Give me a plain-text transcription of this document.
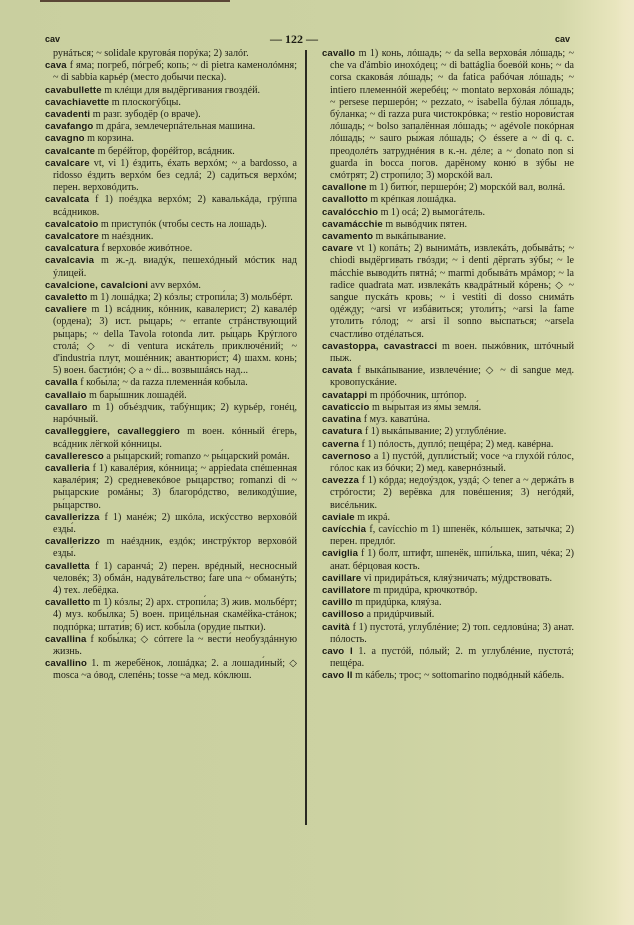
cav	— 122 —	cav

рунáться; ~ solidale круговáя порýка; 2) залóг.

cava f ямa; погреб, пóгреб; копь; ~ di pietra каменолóмня; ~ di sabbia карьéр (место добычи песка).

cavabullette m клéщи для выдёргивания гвоздéй.

cavachiavette m плоскогýбцы.

cavadenti m разг. зубодёр (о враче).

cavafango m дрáга, землечерпáтельная машина.

cavagno m корзинa.

cavalcante m берéйтор, форéйтор, всáдник.

cavalcare vt, vi 1) éздить, éхать верхóм; ~ a bardosso, a ridosso éздить верхóм без седлá; 2) сади́ться верхóм; перен. верховóдить.

cavalcata f 1) поéздка верхóм; 2) кавалькáда, грýппа всáдников.

cavalcatoio m приступóк (чтобы сесть на лошадь).

cavalcatore m наéздник.

cavalcatura f верховóе живóтное.

cavalcavia m ж.-д. виадýк, пешехóдный мóстик над ýлицей.

cavalcione, cavalcioni avv верхóм.

cavaletto m 1) лошáдка; 2) кóзлы; стропи́ла; 3) мольбéрт.

cavaliere m 1) всáдник, кóнник, кавалерист; 2) кавалéр (ордена); 3) ист. ры́царь; ~ errante стрáнствующий ры́царь; ~ della Tavola rotonda лит. ры́царь Крýглого столá; ◇ ~ di ventura искáтель приключéний; ~ d'industria плут, мошéнник; авантюри́ст; 4) шахм. конь; 5) воен. бастиóн; ◇ a ~ di... возвышáясь над...

cavalla f кобы́ла; ~ da razza племеннáя кобы́ла.

cavallaio m бары́шник лошадéй.

cavallaro m 1) объéздчик, табýнщик; 2) курьéр, гонéц, нарóчный.

cavalleggiere, cavalleggiero m воен. кóнный éгерь, всáдник лёгкой кóнницы.

cavalleresco a ры́царский; romanzo ~ ры́царский ромáн.

cavalleria f 1) кавалéрия, кóнница; ~ appiedata спéшенная кавалéрия; 2) средневекóвое ры́царство; romanzi di ~ ры́царские ромáны; 3) благорóдство, великодýшие, ры́царство.

cavallerizza f 1) манéж; 2) шкóла, искýсство верховóй езды́.

cavallerizzo m наéздник, ездóк; инстрýктор верховóй езды́.

cavalletta f 1) саранчá; 2) перен. врéдный, несносный человéк; 3) обмáн, надувáтельство; fare una ~ обманýть; 4) тех. лебёдка.

cavalletto m 1) кóзлы; 2) арх. стропи́ла; 3) жив. мольбéрт; 4) муз. кобы́лка; 5) воен. прицéльная скамéйка-стáнок; подпóрка; штати́в; 6) ист. кобы́ла (орудие пытки).

cavallina f кобы́лка; ◇ córrere la ~ вести́ необуздáнную жизнь.

cavallino 1. m жеребёнок, лошáдка; 2. a лошади́ный; ◇ mosca ~a óвод, слепéнь; tosse ~a мед. кóклюш.

cavallo m 1) конь, лóшадь; ~ da sella верховáя лóшадь; ~ che va d'ámbio инохóдец; ~ di battáglia боевóй конь; ~ da corsa скаковáя лóшадь; ~ da fatica рабóчая лóшадь; ~ intiero племеннóй жеребéц; ~ montato верховáя лóшадь; ~ persese першерóн; ~ pezzato, ~ isabella бýлая лóшадь, бýланка; ~ di razza pura чистокрóвка; ~ restio норови́стая лóшадь; ~ bolso запалённая лóшадь; ~ agévole покóрная лóшадь; ~ sauro ры́жая лóшадь; ◇ éssere a ~ di q. c. преодолéть затруднéния в к.-н. дéле; a ~ donato non si guarda in bocca погов. дарёному коню́ в зýбы не смóтрят; 2) стропи́ло; 3) морскóй вал.

cavallone m 1) битю́г, першерóн; 2) морскóй вал, волнá.

cavallotto m крéпкая лошáдка.

cavalócchio m 1) осá; 2) вымогáтель.

cavamácchie m вывóдчик пятен.

cavamento m выкáпывание.

cavare vt 1) копáть; 2) вынимáть, извлекáть, добывáть; ~ chiodi выдёргивать гвóзди; ~ i denti дёргать зýбы; ~ le mácchie выводи́ть пятнá; ~ marmi добывáть мрáмор; ~ la radice quadrata мат. извлекáть квадрáтный кóрень; ◇ ~ sangue пускáть кровь; ~ i vestiti di dosso снимáть одéжду; ~arsi vr избáвиться; утоли́ть; ~arsi la fame утоли́ть гóлод; ~ arsi il sonno вы́спаться; ~arsela счастли́во отдéлаться.

cavastoppa, cavastracci m воен. пыжóвник, штóчный пыж.

cavata f выкáпывание, извлечéние; ◇ ~ di sangue мед. кровопускáние.

cavatappi m прóбочник, штóпор.

cavaticcio m вы́рытая из я́мы земля́.

cavatina f муз. каватúна.

cavatura f 1) выкáпывание; 2) углублéние.

caverna f 1) пóлость, дуплó; пещéра; 2) мед. кавéрна.

cavernoso a 1) пустóй, дупли́стый; voce ~a глухóй гóлос, гóлос как из бóчки; 2) мед. кавернóзный.

cavezza f 1) кóрда; недоýздок, уздá; ◇ tener a ~ держáть в стрóгости; 2) верёвка для повéшения; 3) негóдяй, висéльник.

caviale m икрá.

cavícchia f, cavícchio m 1) шпенёк, кóлышек, затычка; 2) перен. предлóг.

caviglia f 1) болт, штифт, шпенёк, шпи́лька, шип, чéка; 2) анат. бéрцовая кость.

cavillare vi придирáться, кляýзничать; мýдрствовать.

cavillatore m придúра, крючкотвóр.

cavillo m придúрка, кляýза.

cavilloso a придúрчивый.

cavità f 1) пустотá, углублéние; 2) топ. седловúна; 3) анат. пóлость.

cavo I 1. a пустóй, пóлый; 2. m углублéние, пустотá; пещéра.

cavo II m кáбель; трос; ~ sottomarino подвóдный кáбель.
